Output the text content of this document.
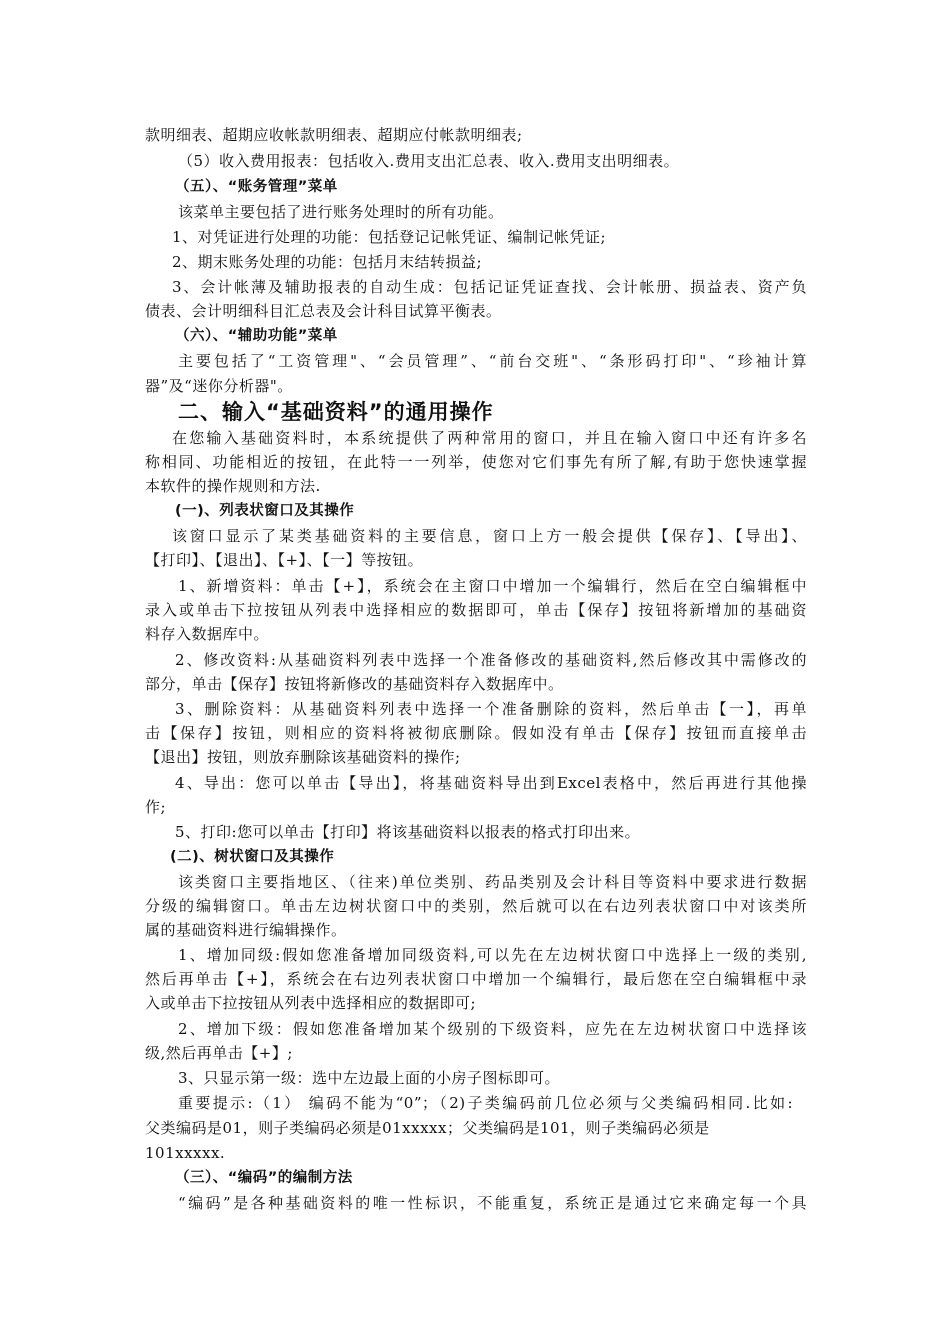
款明细表、超期应收帐款明细表、超期应付帐款明细表;
（5）收入费用报表：包括收入.费用支出汇总表、收入.费用支出明细表。
（五）、“账务管理”菜单
该菜单主要包括了进行账务处理时的所有功能。
1、对凭证进行处理的功能：包括登记记帐凭证、编制记帐凭证;
2、期末账务处理的功能：包括月末结转损益;
3、会计帐薄及辅助报表的自动生成：包括记证凭证查找、会计帐册、损益表、资产负
债表、会计明细科目汇总表及会计科目试算平衡表。
（六）、“辅助功能”菜单
主要包括了“工资管理"、“会员管理”、“前台交班"、“条形码打印"、“珍袖计算
器”及“迷你分析器"。
二、输入“基础资料”的通用操作
在您输入基础资料时，本系统提供了两种常用的窗口，并且在输入窗口中还有许多名
称相同、功能相近的按钮，在此特一一列举，使您对它们事先有所了解,有助于您快速掌握
本软件的操作规则和方法.
(一)、列表状窗口及其操作
该窗口显示了某类基础资料的主要信息，窗口上方一般会提供【保存】、【导出】、
【打印】、【退出】、【+】、【一】等按钮。
1、新增资料：单击【+】，系统会在主窗口中增加一个编辑行，然后在空白编辑框中
录入或单击下拉按钮从列表中选择相应的数据即可，单击【保存】按钮将新增加的基础资
料存入数据库中。
2、修改资料:从基础资料列表中选择一个准备修改的基础资料,然后修改其中需修改的
部分，单击【保存】按钮将新修改的基础资料存入数据库中。
3、删除资料：从基础资料列表中选择一个准备删除的资料，然后单击【一】，再单
击【保存】按钮，则相应的资料将被彻底删除。假如没有单击【保存】按钮而直接单击
【退出】按钮，则放弃删除该基础资料的操作;
4、导出：您可以单击【导出】，将基础资料导出到Excel表格中，然后再进行其他操
作;
5、打印:您可以单击【打印】将该基础资料以报表的格式打印出来。
(二)、树状窗口及其操作
该类窗口主要指地区、（往来)单位类别、药品类别及会计科目等资料中要求进行数据
分级的编辑窗口。单击左边树状窗口中的类别，然后就可以在右边列表状窗口中对该类所
属的基础资料进行编辑操作。
1、增加同级:假如您准备增加同级资料,可以先在左边树状窗口中选择上一级的类别,
然后再单击【+】，系统会在右边列表状窗口中增加一个编辑行，最后您在空白编辑框中录
入或单击下拉按钮从列表中选择相应的数据即可;
2、增加下级：假如您准备增加某个级别的下级资料，应先在左边树状窗口中选择该
级,然后再单击【+】;
3、只显示第一级：选中左边最上面的小房子图标即可。
重要提示:（1） 编码不能为“0”；（2)子类编码前几位必须与父类编码相同.比如:
父类编码是01，则子类编码必须是01xxxxx；父类编码是101，则子类编码必须是
101xxxxx.
（三）、“编码”的编制方法
“编码”是各种基础资料的唯一性标识，不能重复，系统正是通过它来确定每一个具
